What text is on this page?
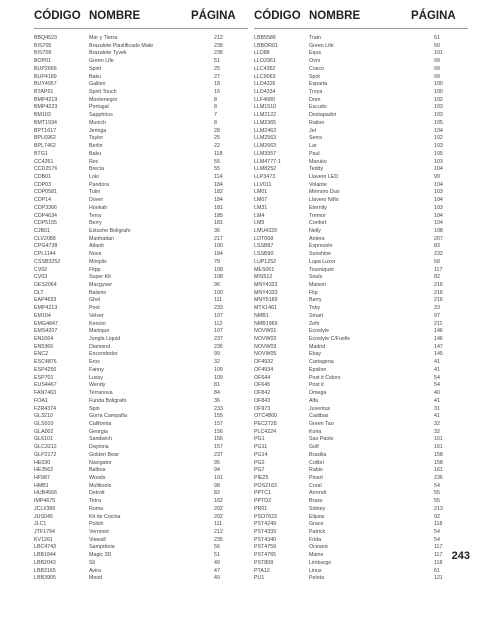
CÓDIGO NOMBRE	PÁGINA
BBQ4523	Mar y Tierra	212
BIS705	Brazalete Plastificado Mate	238
BIS709	Brazalete Tyvek	238
BOP01	Green Life	51
BUP2666	Spirit	25
BUP4189	Baku	27
BUY4957	Galileo	18
BTAP61	Spirit Touch	16
BMP4219	Montenegro	8
BMP4223	Portugal	8
BM103	Sapphirus	7
BMT1934	Munich	8
BPT1617	Jeringa	28
BPL6962	Taylor	25
BPL7462	Berlin	22
BTG1	Baku	118
CC4261	Rec	55
CCD2576	Brecia	55
CDB01	Loki	114
CDP03	Pandora	184
CDP0581	Tulin	182
CDP14	Dover	184
CDP3366	Hookah	181
CDP4634	Terra	185
CDP5155	Berry	181
CJB01	Estuche Boligrafo	36
CLV2088	Manhattan	217
CPG4738	Atlanti	100
CPL1144	Nova	184
CSSB3252	Miniplix	79
CV02	Flipp	108
CV03	Super Kit	108
DES2064	Macgyver	96
DLT	Balsino	100
EAP4653	Ghel	111
EMP4213	Pool	233
EM104	Velvet	107
EMG4847	Kenoto	112
EMS4207	Manique	107
EN1664	Jungla Liquid	237
EN5366	Diamond	236
ENC2	Encendedor	99
ESC4876	Eros	32
ESP4250	Fanny	109
ESP701	Lussy	109
EUS4467	Wendy	81
FAN7463	Terranova	84
FOA1	Funda Boligrafo	36
FZR4374	Spin	233
GL3210	Gorra Campaña	155
GLS010	California	157
GLA002	Georgia	156
GL6101	Sandwich	156
GLC3212	Daytona	157
GLP2172	Golden Bear	237
HE030	Navigator	95
HE3562	Balboa	94
HF987	Woods	101
HMB1	Multitools	98
HUB4566	Detroit	82
IMP4675	Tetra	162
JCLI/389	Roma	202
JUS045	Kit de Cocina	202
JLC1	Polish	111
JTF1794	Vermont	212
KV1261	Viewall	235
LBC4743	Sampdoria	56
LBB1844	Magic 3D	51
LBB2043	Sli	49
LBB3165	Avira	47
LBB3905	Mood	49
CÓDIGO NOMBRE	PÁGINA
LBB5586	Train	51
LBBOR01	Green Life	50
LLD88	Equs	101
LLO2961	Ovni	99
LLC4362	Cosco	99
LLC9063	Spot	99
LLD4326	Esparta	100
LLD4334	Troya	100
LLF4680	Dorn	102
LLM1510	Escudo	103
LLM2122	Destapador	103
LLM2365	Ration	105
LLM2463	Jet	104
LLM2563	Serra	102
LLM2663	Lar	103
LLM3957	Paul	105
LLM4777-1	Maruko	103
LLM8252	Teddy	104
LLP3473	Llavero LED	99
LLV011	Volante	104
LM01	Mémoro Duo	103
LM07	Llavero Niño	104
LM31	Eternity	103
LM4	Tremor	104
LM9	Confort	104
LMU4329	Nelly	108
LOT068	Antera	207
LSSB87	Expresión	83
LSSB90	Sunshine	232
LUP1252	Lupa Luxor	58
MES001	Tourniquet	117
MIS512	Souls	82
MNY4322	Maison	216
MNY4333	Flip	216
MNY5189	Barry	216
MTX1461	Toby	33
NMB1	Smart	97
NMB1965	Zefir	211
NOVW01	Ecostyle	146
NOVW02	Ecostyle C/Fuelle	146
NOVW03	Madrid	147
NOVW05	Ebay	145
OF4932	Cartagena	41
OF4934	Épsilon	41
OF644	Post it Colors	54
OF645	Post it	54
OF842	Omega	40
OF843	Alfa	41
OF973	Juventus	31
OTC4860	Cadibas	41
PEC2728	Green Tao	32
PLC4224	Koira	32
PG1	Sao Paolo	161
PG11	Golf	161
PG14	Brasilia	158
PG2	Colibrí	158
PG7	Rabio	161
PIE25	Pinart	236
POS2163	Coral	54
PPTC1	Arrendi	55
PPTD2	Brass	55
PR01	Sidney	213
PSO7623	Elipsis	92
PST4249	Grace	118
PST4339	Patrick	54
PST4340	Frida	54
PST4759	Oceanic	117
PST4765	Maine	117
PST808	Limburgo	118
PTA12	Linux	61
PU1	Pelota	121
243
